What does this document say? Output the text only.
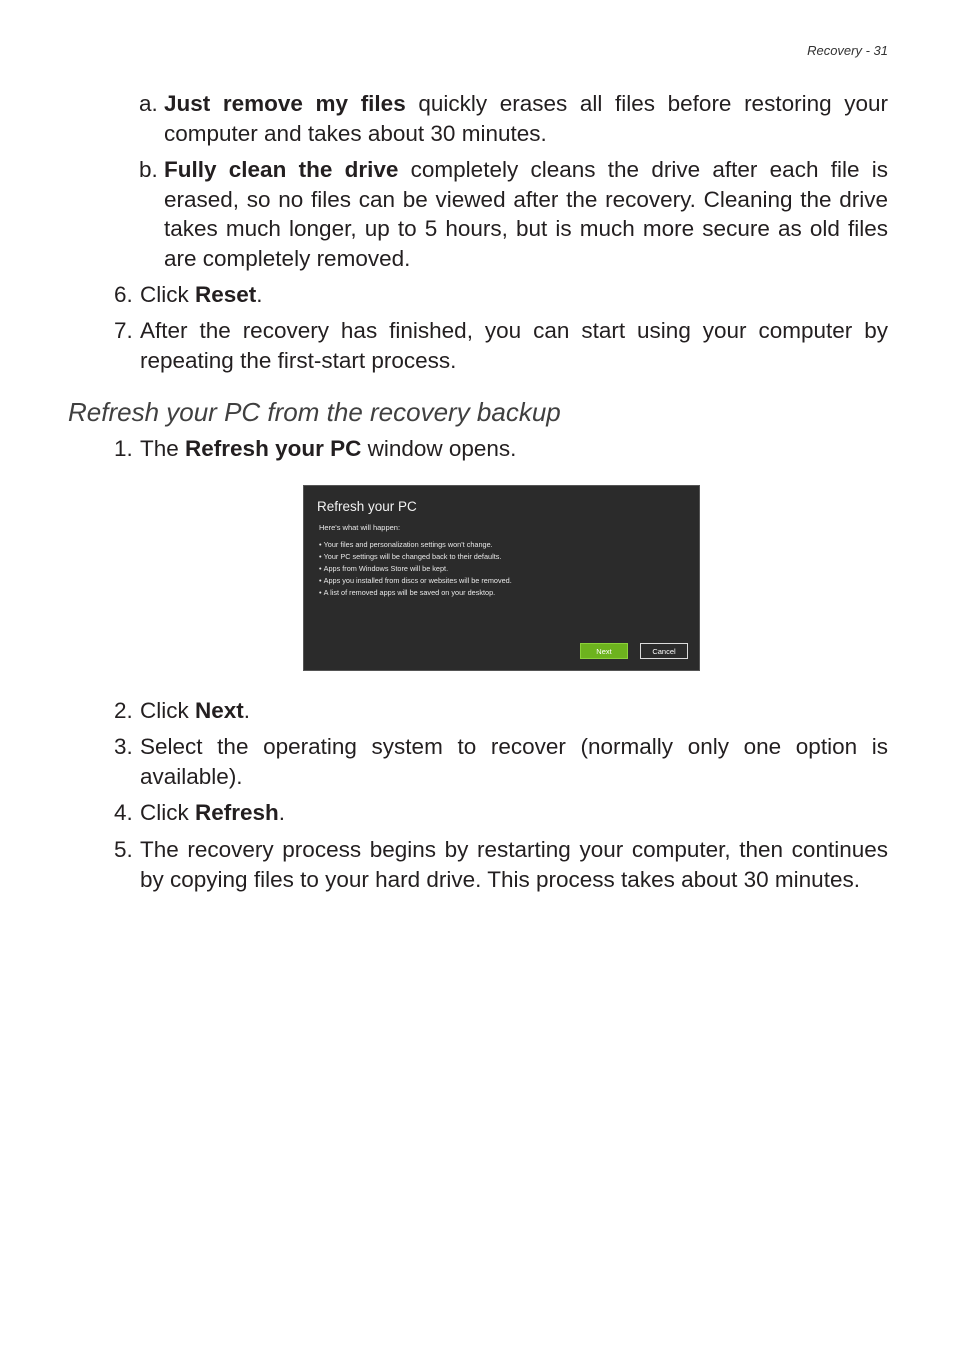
Recovery - 31
a. Just remove my files quickly erases all files before restoring your computer and takes about 30 minutes.
b. Fully clean the drive completely cleans the drive after each file is erased, so no files can be viewed after the recovery. Cleaning the drive takes much longer, up to 5 hours, but is much more secure as old files are completely removed.
6. Click Reset.
7. After the recovery has finished, you can start using your computer by repeating the first-start process.
Refresh your PC from the recovery backup
1. The Refresh your PC window opens.
Refresh your PC
Here's what will happen:
• Your files and personalization settings won't change.
• Your PC settings will be changed back to their defaults.
• Apps from Windows Store will be kept.
• Apps you installed from discs or websites will be removed.
• A list of removed apps will be saved on your desktop.
Next	Cancel
2. Click Next.
3. Select the operating system to recover (normally only one option is available).
4. Click Refresh.
5. The recovery process begins by restarting your computer, then continues by copying files to your hard drive. This process takes about 30 minutes.
